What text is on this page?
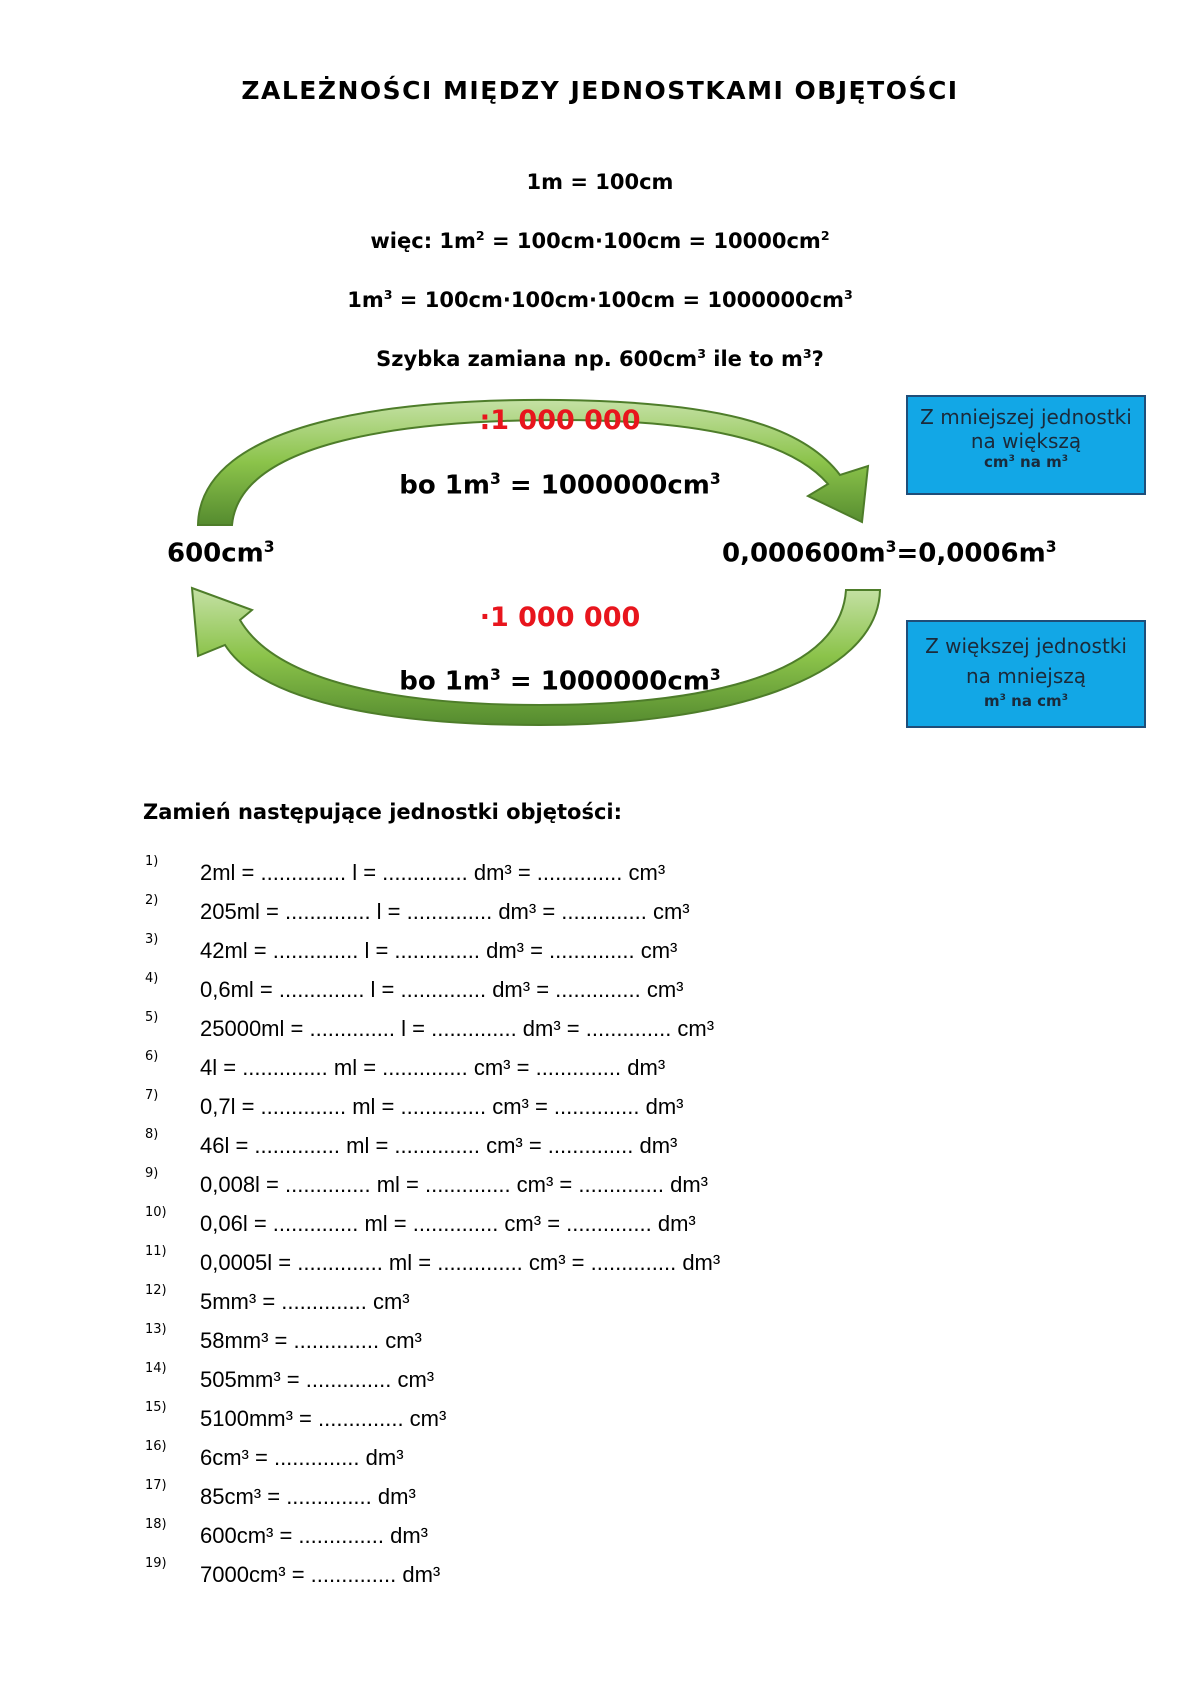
ZALEŻNOŚCI MIĘDZY JEDNOSTKAMI OBJĘTOŚCI
1m = 100cm
więc: $1m^2 = 100cm\cdot 100cm = 10000cm^2$
$1m^3 = 100cm\cdot 100cm\cdot 100cm = 1000000cm^3$
Szybka zamiana np. $600cm^3$ ile to $m^3$?
:1 000 000
bo $1m^3 = 1000000cm^3$
$600cm^3$	$0,000600m^3=0,0006m^3$
·1 000 000
bo $1m^3 = 1000000cm^3$
Z mniejszej jednostki
na większą
$cm^3$ na $m^3$
Z większej jednostki
na mniejszą
$m^3$ na $cm^3$
Zamień następujące jednostki objętości:
1) 2ml = .............. l = .............. dm³ = .............. cm³
2) 205ml = .............. l = .............. dm³ = .............. cm³
3) 42ml = .............. l = .............. dm³ = .............. cm³
4) 0,6ml = .............. l = .............. dm³ = .............. cm³
5) 25000ml = .............. l = .............. dm³ = .............. cm³
6) 4l = .............. ml = .............. cm³ = .............. dm³
7) 0,7l = .............. ml = .............. cm³ = .............. dm³
8) 46l = .............. ml = .............. cm³ = .............. dm³
9) 0,008l = .............. ml = .............. cm³ = .............. dm³
10) 0,06l = .............. ml = .............. cm³ = .............. dm³
11) 0,0005l = .............. ml = .............. cm³ = .............. dm³
12) 5mm³ = .............. cm³
13) 58mm³ = .............. cm³
14) 505mm³ = .............. cm³
15) 5100mm³ = .............. cm³
16) 6cm³ = .............. dm³
17) 85cm³ = .............. dm³
18) 600cm³ = .............. dm³
19) 7000cm³ = .............. dm³
